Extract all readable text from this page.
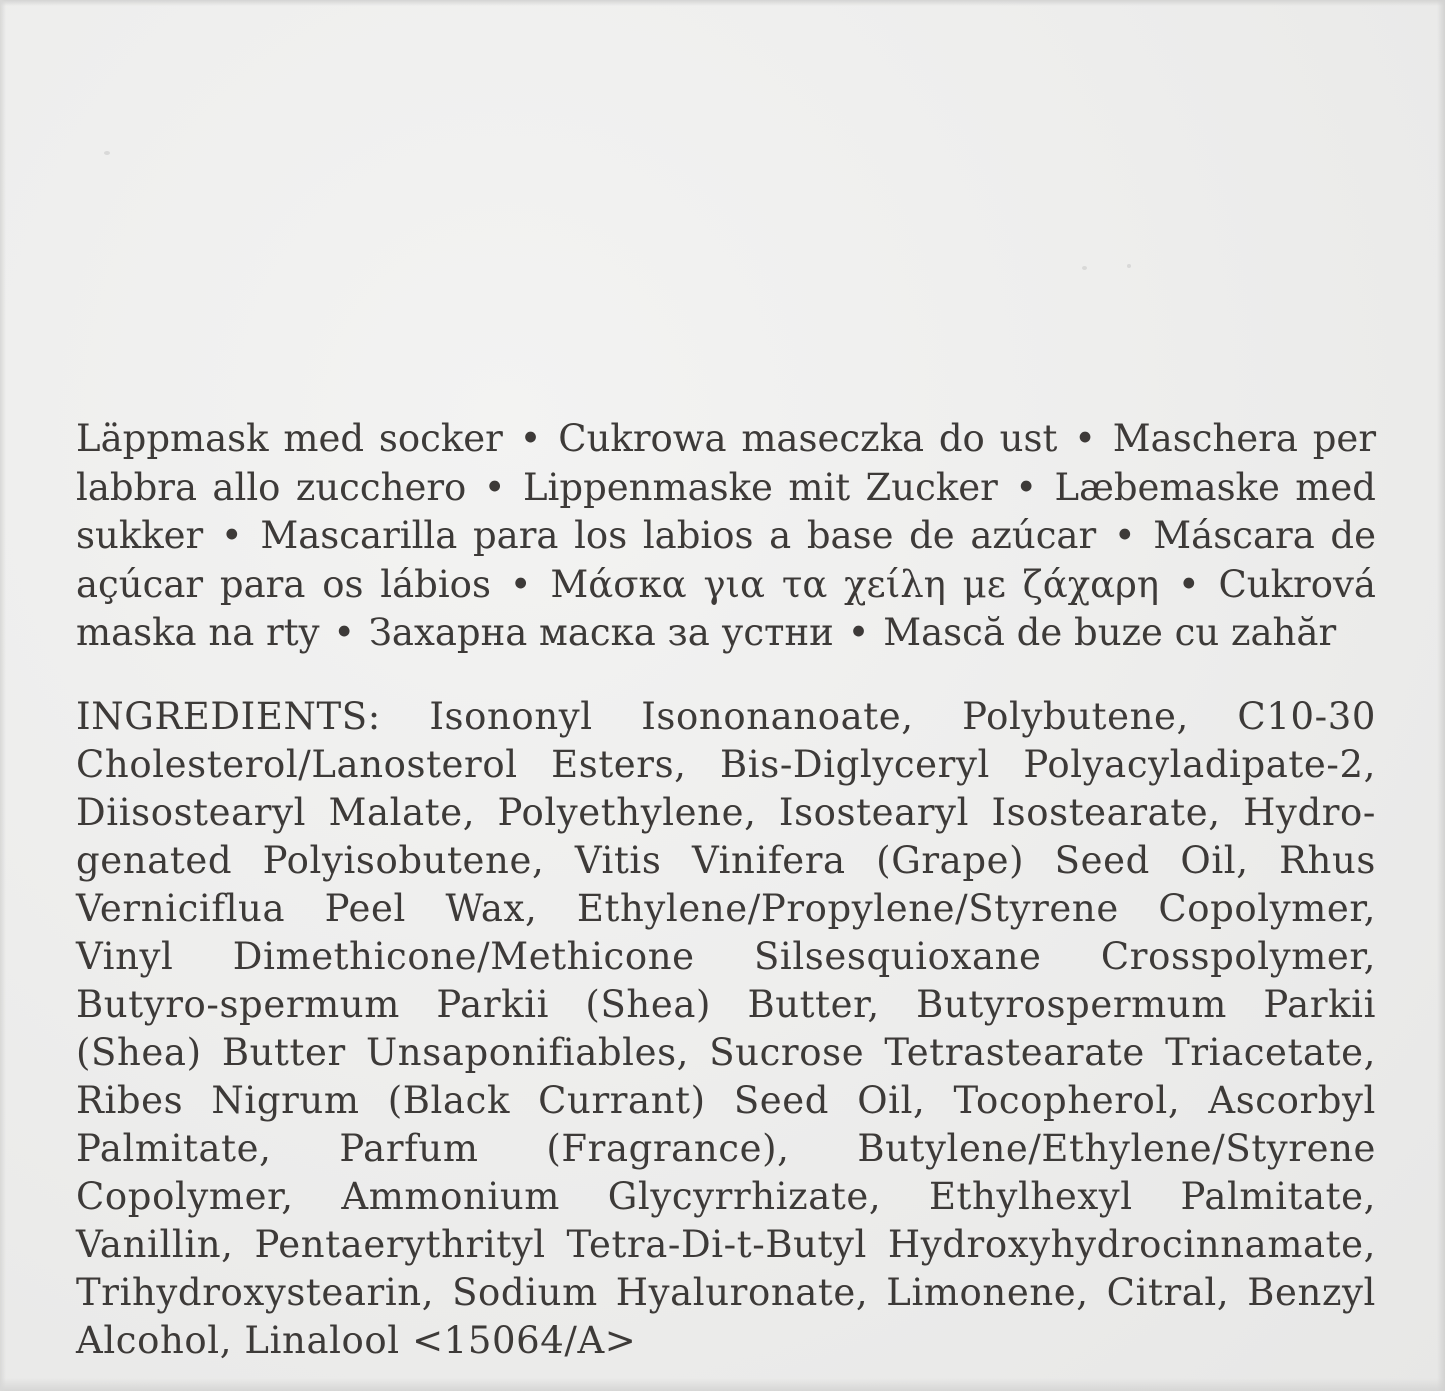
Läppmask med socker • Cukrowa maseczka do ust • Maschera per labbra allo zucchero • Lippenmaske mit Zucker • Læbemaske med sukker • Mascarilla para los labios a base de azúcar • Máscara de açúcar para os lábios • Μάσκα για τα χείλη με ζάχαρη • Cukrová maska na rty • Захарна маска за устни • Mască de buze cu zahăr
INGREDIENTS: Isononyl Isononanoate, Polybutene, C10-30 Cholesterol/Lanosterol Esters, Bis-Diglyceryl Polyacyladipate-2, Diisostearyl Malate, Polyethylene, Isostearyl Isostearate, Hydro-genated Polyisobutene, Vitis Vinifera (Grape) Seed Oil, Rhus Verniciflua Peel Wax, Ethylene/Propylene/Styrene Copolymer, Vinyl Dimethicone/Methicone Silsesquioxane Crosspolymer, Butyro-spermum Parkii (Shea) Butter, Butyrospermum Parkii (Shea) Butter Unsaponifiables, Sucrose Tetrastearate Triacetate, Ribes Nigrum (Black Currant) Seed Oil, Tocopherol, Ascorbyl Palmitate, Parfum (Fragrance), Butylene/Ethylene/Styrene Copolymer, Ammonium Glycyrrhizate, Ethylhexyl Palmitate, Vanillin, Pentaerythrityl Tetra-Di-t-Butyl Hydroxyhydrocinnamate, Trihydroxystearin, Sodium Hyaluronate, Limonene, Citral, Benzyl Alcohol, Linalool <15064/A>
